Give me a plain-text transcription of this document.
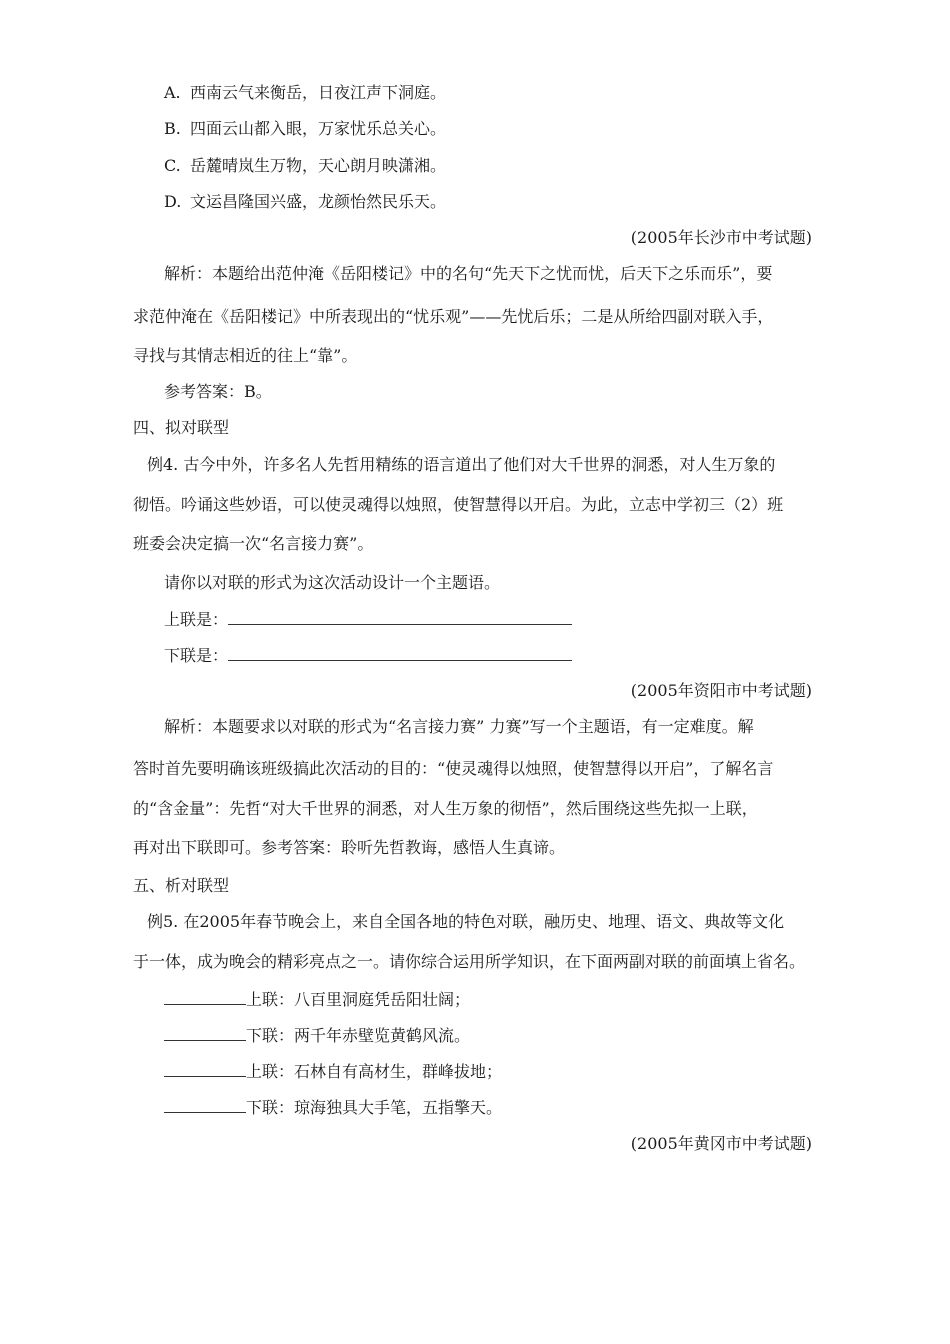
A. 西南云气来衡岳，日夜江声下洞庭。
B. 四面云山都入眼，万家忧乐总关心。
C. 岳麓晴岚生万物，天心朗月映潇湘。
D. 文运昌隆国兴盛，龙颜怡然民乐天。
(2005年长沙市中考试题)
解析：本题给出范仲淹《岳阳楼记》中的名句“先天下之忧而忧，后天下之乐而乐”，要
求范仲淹在《岳阳楼记》中所表现出的“忧乐观”——先忧后乐；二是从所给四副对联入手，
寻找与其情志相近的往上“靠”。
参考答案：B。
四、拟对联型
例4. 古今中外，许多名人先哲用精练的语言道出了他们对大千世界的洞悉，对人生万象的
彻悟。吟诵这些妙语，可以使灵魂得以烛照，使智慧得以开启。为此，立志中学初三（2）班
班委会决定搞一次“名言接力赛”。
请你以对联的形式为这次活动设计一个主题语。
上联是：
下联是：
(2005年资阳市中考试题)
解析：本题要求以对联的形式为“名言接力赛” 力赛”写一个主题语，有一定难度。解
答时首先要明确该班级搞此次活动的目的：“使灵魂得以烛照，使智慧得以开启”，了解名言
的“含金量”：先哲“对大千世界的洞悉，对人生万象的彻悟”，然后围绕这些先拟一上联，
再对出下联即可。参考答案：聆听先哲教诲，感悟人生真谛。
五、析对联型
例5. 在2005年春节晚会上，来自全国各地的特色对联，融历史、地理、语文、典故等文化
于一体，成为晚会的精彩亮点之一。请你综合运用所学知识，在下面两副对联的前面填上省名。
上联：八百里洞庭凭岳阳壮阔；
下联：两千年赤壁览黄鹤风流。
上联：石林自有高材生，群峰拔地；
下联：琼海独具大手笔，五指擎天。
(2005年黄冈市中考试题)
